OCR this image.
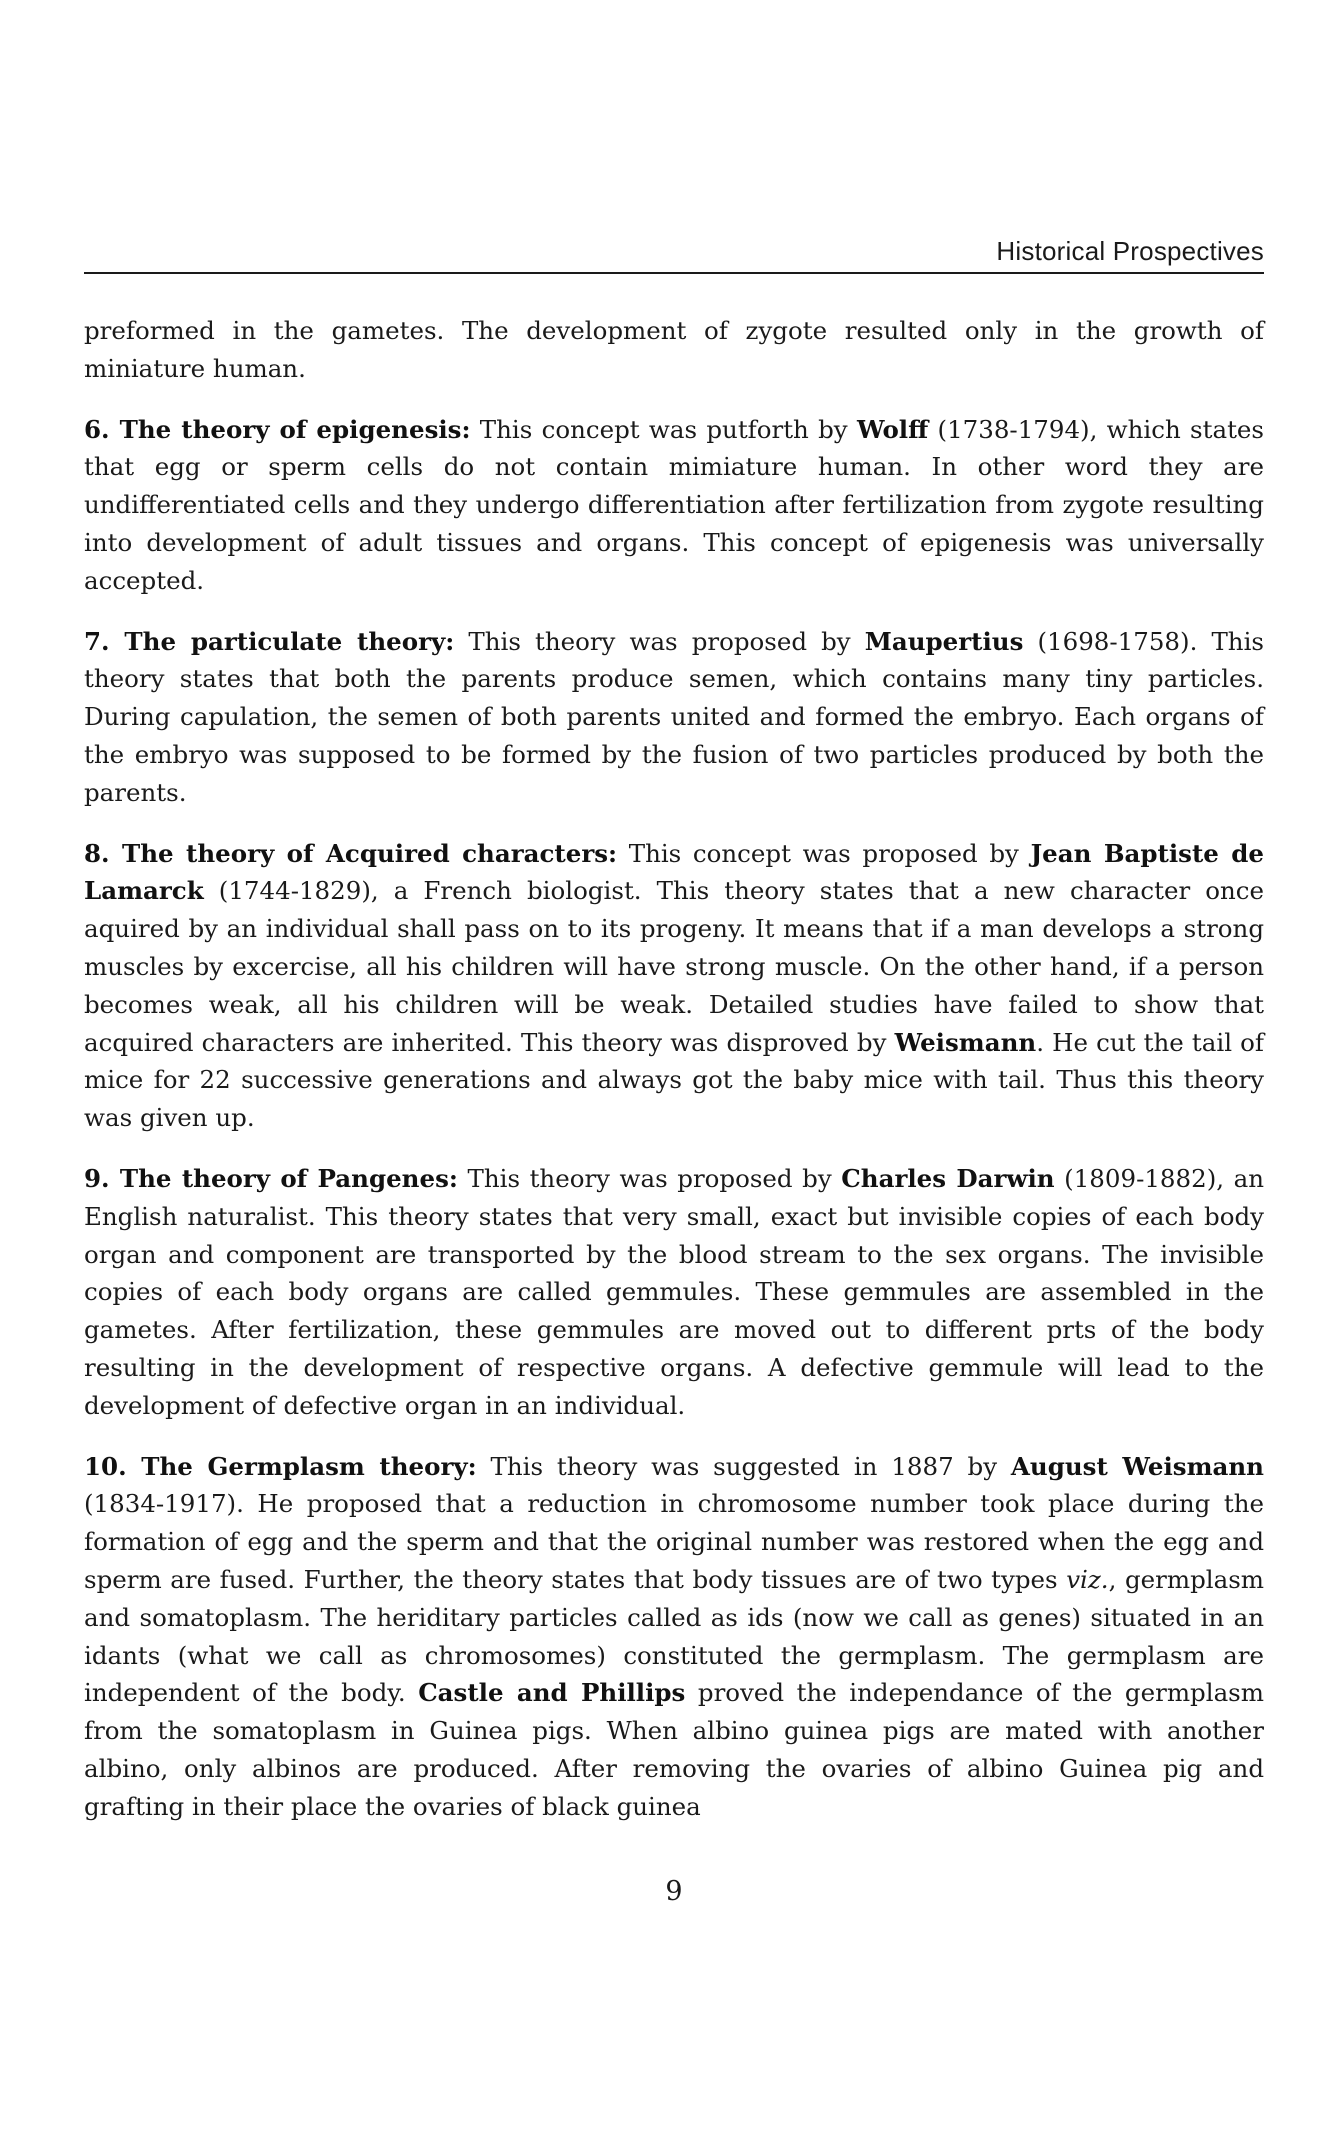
Historical Prospectives

preformed in the gametes. The development of zygote resulted only in the growth of miniature human.

6. The theory of epigenesis: This concept was putforth by Wolff (1738-1794), which states that egg or sperm cells do not contain mimiature human. In other word they are undifferentiated cells and they undergo differentiation after fertilization from zygote resulting into development of adult tissues and organs. This concept of epigenesis was universally accepted.

7. The particulate theory: This theory was proposed by Maupertius (1698-1758). This theory states that both the parents produce semen, which contains many tiny particles. During capulation, the semen of both parents united and formed the embryo. Each organs of the embryo was supposed to be formed by the fusion of two particles produced by both the parents.

8. The theory of Acquired characters: This concept was proposed by Jean Baptiste de Lamarck (1744-1829), a French biologist. This theory states that a new character once aquired by an individual shall pass on to its progeny. It means that if a man develops a strong muscles by excercise, all his children will have strong muscle. On the other hand, if a person becomes weak, all his children will be weak. Detailed studies have failed to show that acquired characters are inherited. This theory was disproved by Weismann. He cut the tail of mice for 22 successive generations and always got the baby mice with tail. Thus this theory was given up.

9. The theory of Pangenes: This theory was proposed by Charles Darwin (1809-1882), an English naturalist. This theory states that very small, exact but invisible copies of each body organ and component are transported by the blood stream to the sex organs. The invisible copies of each body organs are called gemmules. These gemmules are assembled in the gametes. After fertilization, these gemmules are moved out to different prts of the body resulting in the development of respective organs. A defective gemmule will lead to the development of defective organ in an individual.

10. The Germplasm theory: This theory was suggested in 1887 by August Weismann (1834-1917). He proposed that a reduction in chromosome number took place during the formation of egg and the sperm and that the original number was restored when the egg and sperm are fused. Further, the theory states that body tissues are of two types viz., germplasm and somatoplasm. The heriditary particles called as ids (now we call as genes) situated in an idants (what we call as chromosomes) constituted the germplasm. The germplasm are independent of the body. Castle and Phillips proved the independance of the germplasm from the somatoplasm in Guinea pigs. When albino guinea pigs are mated with another albino, only albinos are produced. After removing the ovaries of albino Guinea pig and grafting in their place the ovaries of black guinea

9
